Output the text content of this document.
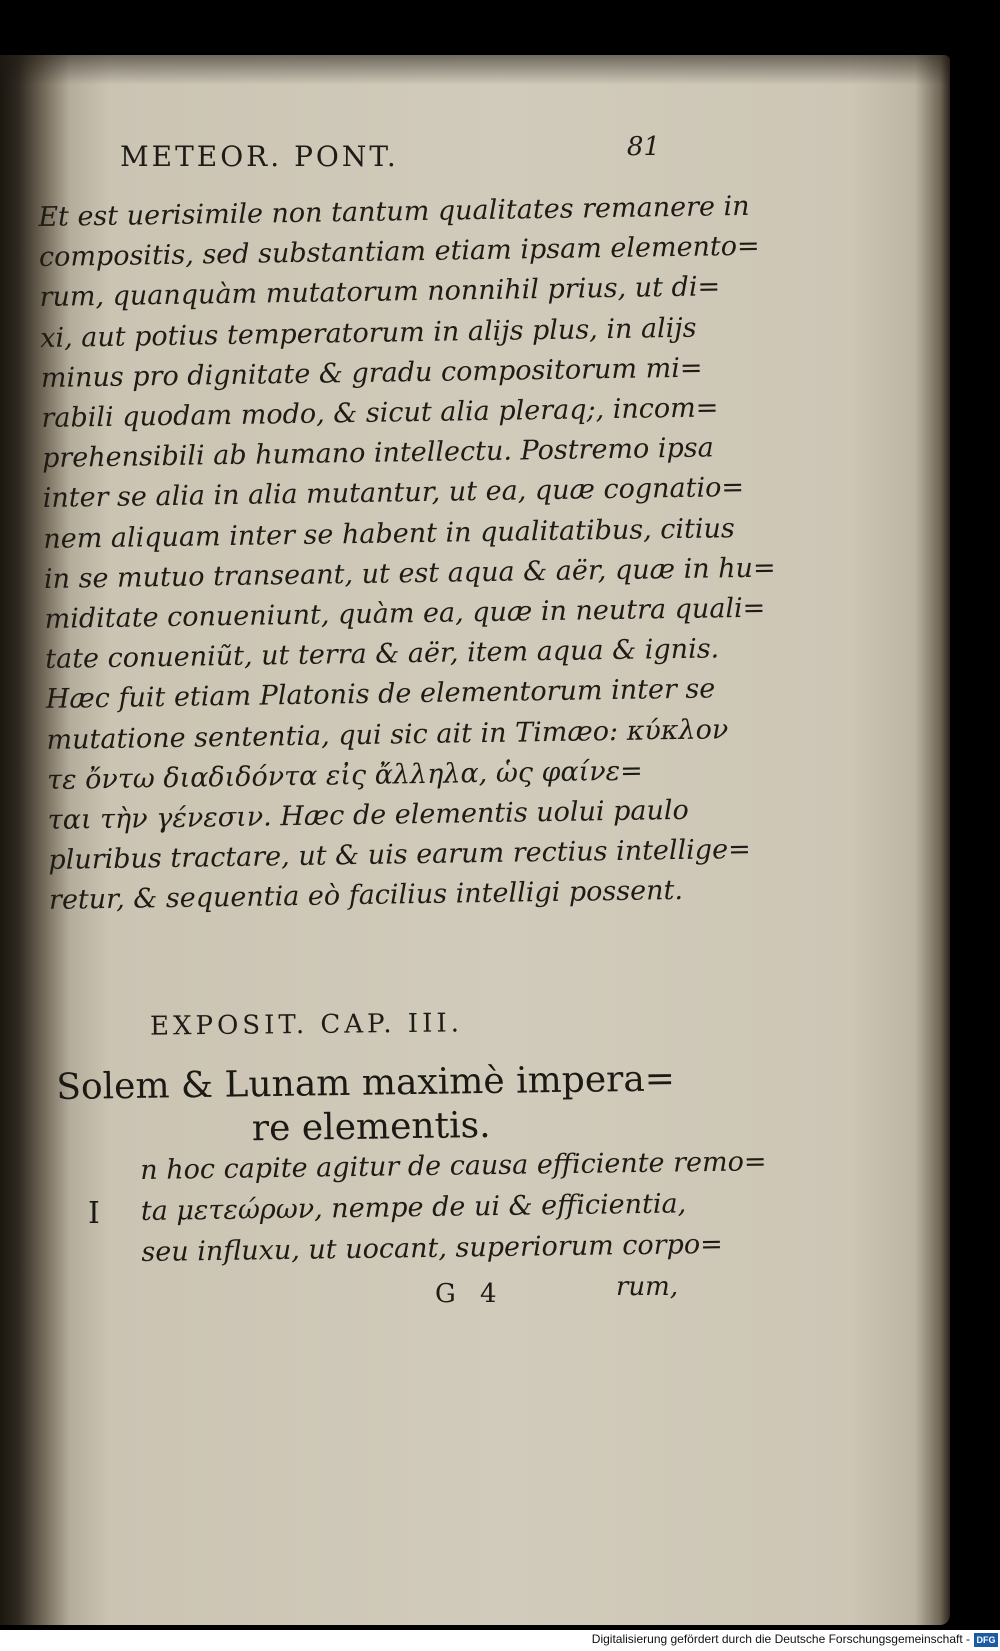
METEOR. PONT.	81
Et est uerisimile non tantum qualitates remanere in
compositis, sed substantiam etiam ipsam elemento=
rum, quanquàm mutatorum nonnihil prius, ut di=
xi, aut potius temperatorum in alijs plus, in alijs
minus pro dignitate & gradu compositorum mi=
rabili quodam modo, & sicut alia pleraq;, incom=
prehensibili ab humano intellectu. Postremo ipsa
inter se alia in alia mutantur, ut ea, quæ cognatio=
nem aliquam inter se habent in qualitatibus, citius
in se mutuo transeant, ut est aqua & aër, quæ in hu=
miditate conueniunt, quàm ea, quæ in neutra quali=
tate conueniũt, ut terra & aër, item aqua & ignis.
Hæc fuit etiam Platonis de elementorum inter se
mutatione sententia, qui sic ait in Timæo: κύκλον
τε ὄντω διαδιδόντα εἰς ἄλληλα, ὡς φαίνε=
ται τὴν γένεσιν. Hæc de elementis uolui paulo
pluribus tractare, ut & uis earum rectius intellige=
retur, & sequentia eò facilius intelligi possent.
EXPOSIT. CAP. III.
Solem & Lunam maximè impera=
re elementis.
I
n hoc capite agitur de causa efficiente remo=
ta μετεώρων, nempe de ui & efficientia,
seu influxu, ut uocant, superiorum corpo=
G 4	rum,
Digitalisierung gefördert durch die Deutsche Forschungsgemeinschaft - DFG
